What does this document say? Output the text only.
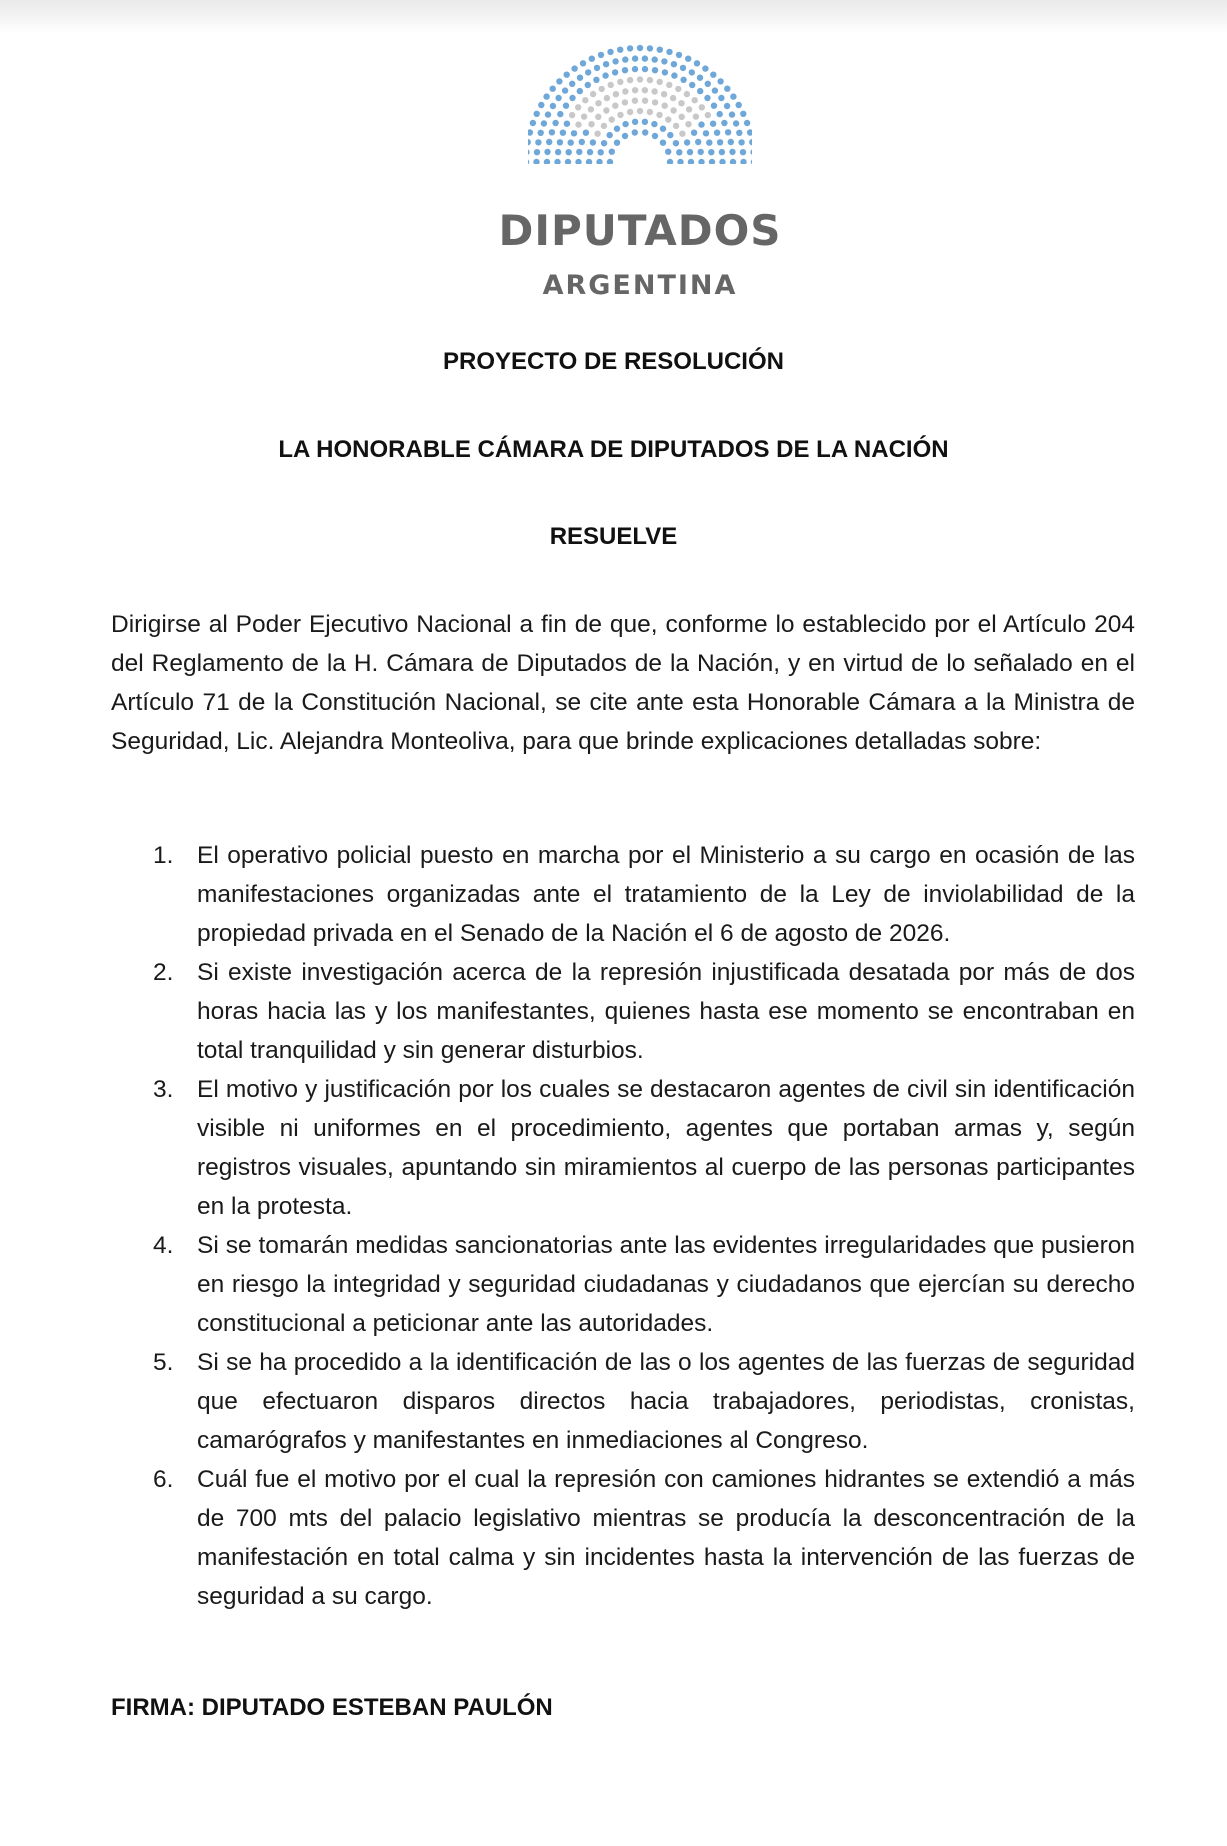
DIPUTADOS
ARGENTINA
PROYECTO DE RESOLUCIÓN
LA HONORABLE CÁMARA DE DIPUTADOS DE LA NACIÓN
RESUELVE

Dirigirse al Poder Ejecutivo Nacional a fin de que, conforme lo establecido por el Artículo 204 del Reglamento de la H. Cámara de Diputados de la Nación, y en virtud de lo señalado en el Artículo 71 de la Constitución Nacional, se cite ante esta Honorable Cámara a la Ministra de Seguridad, Lic. Alejandra Monteoliva, para que brinde explicaciones detalladas sobre:

1. El operativo policial puesto en marcha por el Ministerio a su cargo en ocasión de las manifestaciones organizadas ante el tratamiento de la Ley de inviolabilidad de la propiedad privada en el Senado de la Nación el 6 de agosto de 2026.
2. Si existe investigación acerca de la represión injustificada desatada por más de dos horas hacia las y los manifestantes, quienes hasta ese momento se encontraban en total tranquilidad y sin generar disturbios.
3. El motivo y justificación por los cuales se destacaron agentes de civil sin identificación visible ni uniformes en el procedimiento, agentes que portaban armas y, según registros visuales, apuntando sin miramientos al cuerpo de las personas participantes en la protesta.
4. Si se tomarán medidas sancionatorias ante las evidentes irregularidades que pusieron en riesgo la integridad y seguridad ciudadanas y ciudadanos que ejercían su derecho constitucional a peticionar ante las autoridades.
5. Si se ha procedido a la identificación de las o los agentes de las fuerzas de seguridad que efectuaron disparos directos hacia trabajadores, periodistas, cronistas, camarógrafos y manifestantes en inmediaciones al Congreso.
6. Cuál fue el motivo por el cual la represión con camiones hidrantes se extendió a más de 700 mts del palacio legislativo mientras se producía la desconcentración de la manifestación en total calma y sin incidentes hasta la intervención de las fuerzas de seguridad a su cargo.
FIRMA: DIPUTADO ESTEBAN PAULÓN
